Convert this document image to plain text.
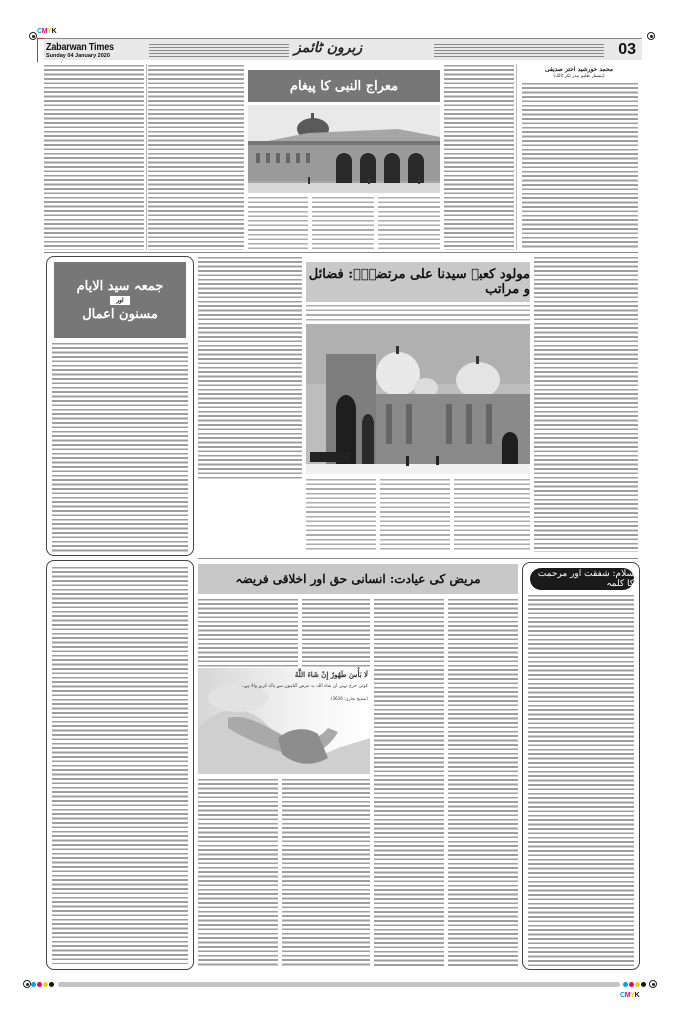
CMYK
Zabarwan Times
Sunday 04 January 2020	زبرون ٹائمز	03
معراج النبی کا پیغام
محمد خورشید اختر صدیقی
(پنشنل تعلیم بیدر ٹکر ٹالک)
جمعہ سید الایام
اور
مسنون اعمال
مولود کعبہ سیدنا علی مرتضیٰؓ: فضائل و مراتب
مریض کی عیادت: انسانی حق اور اخلاقی فریضہ
لَا بَأْسَ طَهُورٌ إِنْ شَاءَ اللَّهُ
کوئی حرج نہیں ان شاء اللہ یہ مرض گناہوں سے پاک کرنے والا ہے۔
(صحیح بخاری: 3616)
سلام: شفقت اور مرحمت کا کلمہ
CMYK
